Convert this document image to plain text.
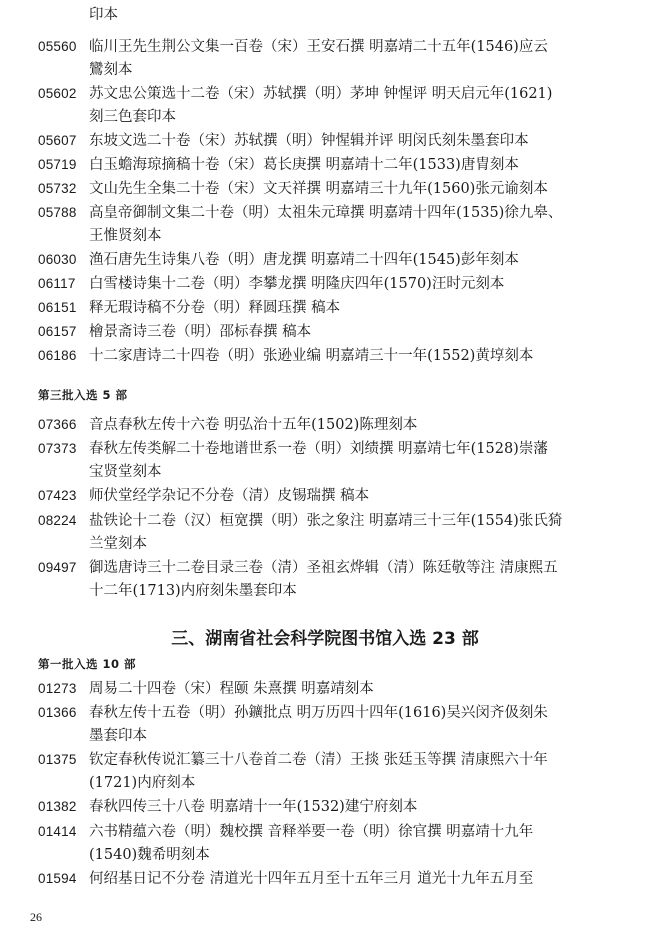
印本
05560 临川王先生荆公文集一百卷（宋）王安石撰 明嘉靖二十五年(1546)应云
鸞刻本
05602 苏文忠公策选十二卷（宋）苏轼撰（明）茅坤 钟惺评 明天启元年(1621)
刻三色套印本
05607 东坡文选二十卷（宋）苏轼撰（明）钟惺辑并评 明闵氏刻朱墨套印本
05719 白玉蟾海琼摘稿十卷（宋）葛长庚撰 明嘉靖十二年(1533)唐胄刻本
05732 文山先生全集二十卷（宋）文天祥撰 明嘉靖三十九年(1560)张元谕刻本
05788 高皇帝御制文集二十卷（明）太祖朱元璋撰 明嘉靖十四年(1535)徐九皋、
王惟贤刻本
06030 渔石唐先生诗集八卷（明）唐龙撰 明嘉靖二十四年(1545)彭年刻本
06117 白雪楼诗集十二卷（明）李攀龙撰 明隆庆四年(1570)汪时元刻本
06151 释无瑕诗稿不分卷（明）释圆珏撰 稿本
06157 檜景斋诗三卷（明）邵标春撰 稿本
06186 十二家唐诗二十四卷（明）张逊业编 明嘉靖三十一年(1552)黄埻刻本
第三批入选 5 部
07366 音点春秋左传十六卷 明弘治十五年(1502)陈理刻本
07373 春秋左传类解二十卷地谱世系一卷（明）刘绩撰 明嘉靖七年(1528)崇藩
宝贤堂刻本
07423 师伏堂经学杂记不分卷（清）皮锡瑞撰 稿本
08224 盐铁论十二卷（汉）桓宽撰（明）张之象注 明嘉靖三十三年(1554)张氏猗
兰堂刻本
09497 御选唐诗三十二卷目录三卷（清）圣祖玄烨辑（清）陈廷敬等注 清康熙五
十二年(1713)内府刻朱墨套印本
三、湖南省社会科学院图书馆入选 23 部
第一批入选 10 部
01273 周易二十四卷（宋）程颐 朱熹撰 明嘉靖刻本
01366 春秋左传十五卷（明）孙鑛批点 明万历四十四年(1616)吴兴闵齐伋刻朱
墨套印本
01375 钦定春秋传说汇纂三十八卷首二卷（清）王掞 张廷玉等撰 清康熙六十年
(1721)内府刻本
01382 春秋四传三十八卷 明嘉靖十一年(1532)建宁府刻本
01414 六书精蕴六卷（明）魏校撰 音释举要一卷（明）徐官撰 明嘉靖十九年
(1540)魏希明刻本
01594 何绍基日记不分卷 清道光十四年五月至十五年三月 道光十九年五月至
26
